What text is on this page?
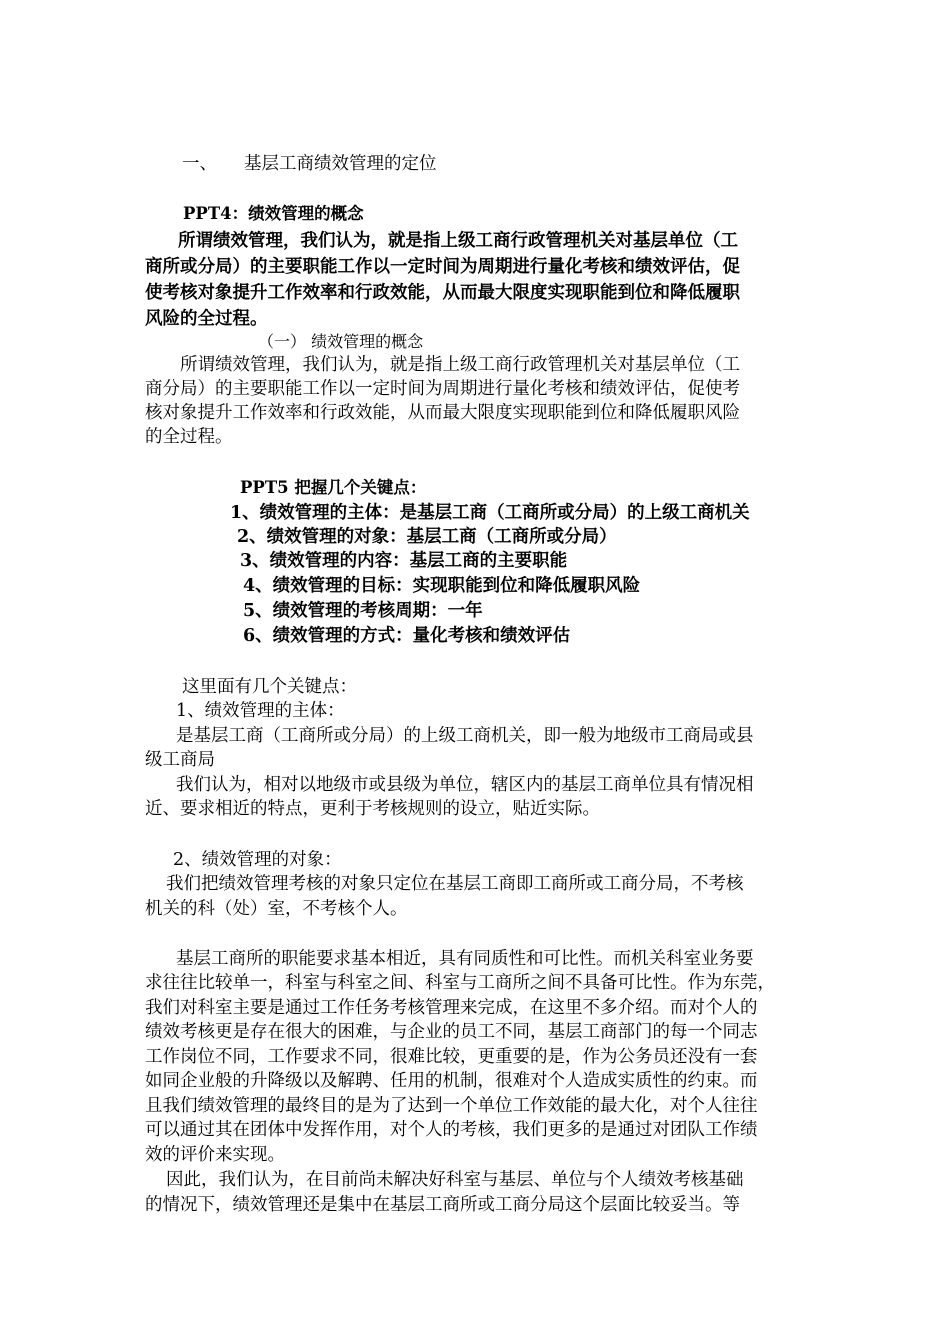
一、 基层工商绩效管理的定位

PPT4：绩效管理的概念

所谓绩效管理，我们认为，就是指上级工商行政管理机关对基层单位（工

商所或分局）的主要职能工作以一定时间为周期进行量化考核和绩效评估，促

使考核对象提升工作效率和行政效能，从而最大限度实现职能到位和降低履职

风险的全过程。

（一） 绩效管理的概念

所谓绩效管理，我们认为，就是指上级工商行政管理机关对基层单位（工

商分局）的主要职能工作以一定时间为周期进行量化考核和绩效评估，促使考

核对象提升工作效率和行政效能，从而最大限度实现职能到位和降低履职风险

的全过程。

PPT5 把握几个关键点：

1、绩效管理的主体：是基层工商（工商所或分局）的上级工商机关

2、绩效管理的对象：基层工商（工商所或分局）

3、绩效管理的内容：基层工商的主要职能

4、绩效管理的目标：实现职能到位和降低履职风险

5、绩效管理的考核周期：一年

6、绩效管理的方式：量化考核和绩效评估

这里面有几个关键点：

1、绩效管理的主体：

是基层工商（工商所或分局）的上级工商机关，即一般为地级市工商局或县

级工商局

我们认为，相对以地级市或县级为单位，辖区内的基层工商单位具有情况相

近、要求相近的特点，更利于考核规则的设立，贴近实际。

2、绩效管理的对象：

我们把绩效管理考核的对象只定位在基层工商即工商所或工商分局，不考核

机关的科（处）室，不考核个人。

基层工商所的职能要求基本相近，具有同质性和可比性。而机关科室业务要

求往往比较单一，科室与科室之间、科室与工商所之间不具备可比性。作为东莞，

我们对科室主要是通过工作任务考核管理来完成，在这里不多介绍。而对个人的

绩效考核更是存在很大的困难，与企业的员工不同，基层工商部门的每一个同志

工作岗位不同，工作要求不同，很难比较，更重要的是，作为公务员还没有一套

如同企业般的升降级以及解聘、任用的机制，很难对个人造成实质性的约束。而

且我们绩效管理的最终目的是为了达到一个单位工作效能的最大化，对个人往往

可以通过其在团体中发挥作用，对个人的考核，我们更多的是通过对团队工作绩

效的评价来实现。

因此，我们认为，在目前尚未解决好科室与基层、单位与个人绩效考核基础

的情况下，绩效管理还是集中在基层工商所或工商分局这个层面比较妥当。等
